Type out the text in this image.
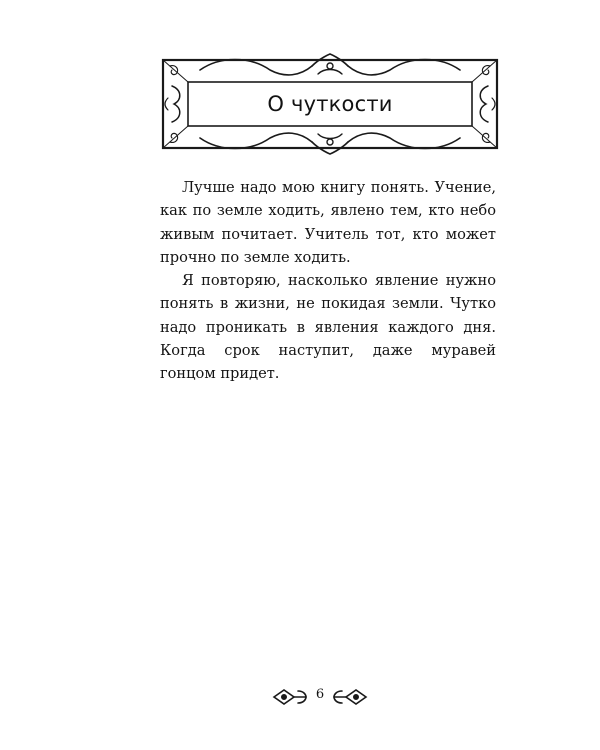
О чуткости

Лучше надо мою книгу понять. Учение, как по земле ходить, явлено тем, кто небо живым почитает. Учитель тот, кто может прочно по земле ходить.

Я повторяю, насколько явление нужно понять в жизни, не покидая земли. Чутко надо проникать в явления каждого дня. Когда срок наступит, даже муравей гонцом придет.

6
